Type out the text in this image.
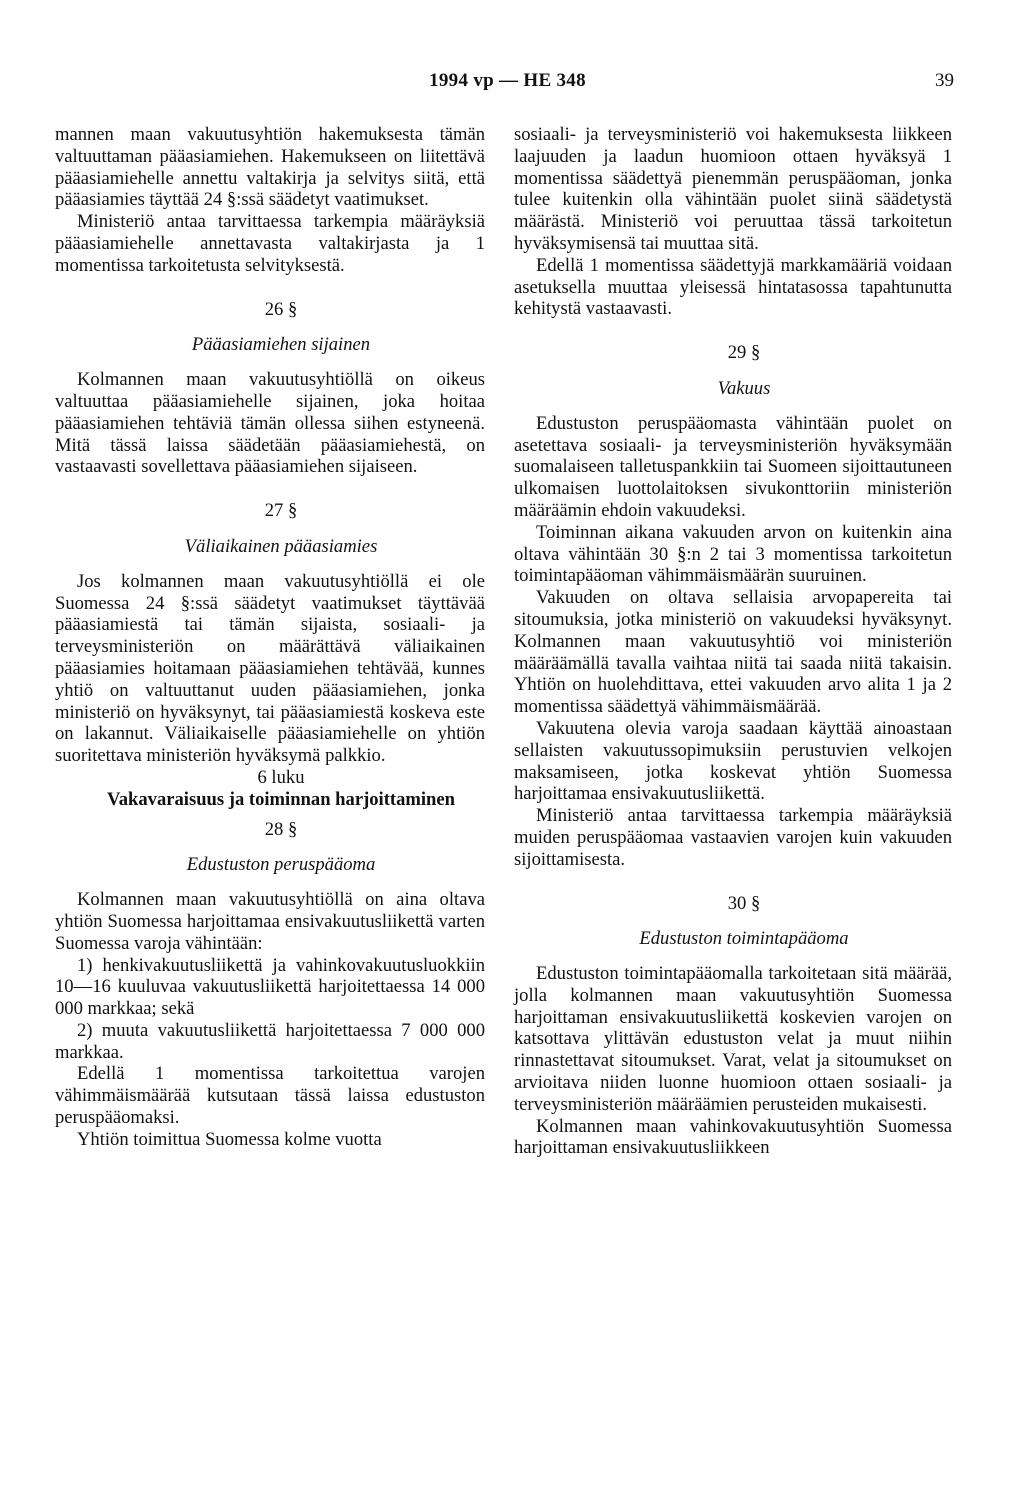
1994 vp — HE 348	39

mannen maan vakuutusyhtiön hakemuksesta tämän valtuuttaman pääasiamiehen. Hakemukseen on liitettävä pääasiamiehelle annettu valtakirja ja selvitys siitä, että pääasiamies täyttää 24 §:ssä säädetyt vaatimukset.

Ministeriö antaa tarvittaessa tarkempia määräyksiä pääasiamiehelle annettavasta valtakirjasta ja 1 momentissa tarkoitetusta selvityksestä.

26 §

Pääasiamiehen sijainen

Kolmannen maan vakuutusyhtiöllä on oikeus valtuuttaa pääasiamiehelle sijainen, joka hoitaa pääasiamiehen tehtäviä tämän ollessa siihen estyneenä. Mitä tässä laissa säädetään pääasiamiehestä, on vastaavasti sovellettava pääasiamiehen sijaiseen.

27 §

Väliaikainen pääasiamies

Jos kolmannen maan vakuutusyhtiöllä ei ole Suomessa 24 §:ssä säädetyt vaatimukset täyttävää pääasiamiestä tai tämän sijaista, sosiaali- ja terveysministeriön on määrättävä väliaikainen pääasiamies hoitamaan pääasiamiehen tehtävää, kunnes yhtiö on valtuuttanut uuden pääasiamiehen, jonka ministeriö on hyväksynyt, tai pääasiamiestä koskeva este on lakannut. Väliaikaiselle pääasiamiehelle on yhtiön suoritettava ministeriön hyväksymä palkkio.

6 luku

Vakavaraisuus ja toiminnan harjoittaminen

28 §

Edustuston peruspääoma

Kolmannen maan vakuutusyhtiöllä on aina oltava yhtiön Suomessa harjoittamaa ensivakuutusliikettä varten Suomessa varoja vähintään:

1) henkivakuutusliikettä ja vahinkovakuutusluokkiin 10—16 kuuluvaa vakuutusliikettä harjoitettaessa 14 000 000 markkaa; sekä

2) muuta vakuutusliikettä harjoitettaessa 7 000 000 markkaa.

Edellä 1 momentissa tarkoitettua varojen vähimmäismäärää kutsutaan tässä laissa edustuston peruspääomaksi.

Yhtiön toimittua Suomessa kolme vuotta

sosiaali- ja terveysministeriö voi hakemuksesta liikkeen laajuuden ja laadun huomioon ottaen hyväksyä 1 momentissa säädettyä pienemmän peruspääoman, jonka tulee kuitenkin olla vähintään puolet siinä säädetystä määrästä. Ministeriö voi peruuttaa tässä tarkoitetun hyväksymisensä tai muuttaa sitä.

Edellä 1 momentissa säädettyjä markkamääriä voidaan asetuksella muuttaa yleisessä hintatasossa tapahtunutta kehitystä vastaavasti.

29 §

Vakuus

Edustuston peruspääomasta vähintään puolet on asetettava sosiaali- ja terveysministeriön hyväksymään suomalaiseen talletuspankkiin tai Suomeen sijoittautuneen ulkomaisen luottolaitoksen sivukonttoriin ministeriön määräämin ehdoin vakuudeksi.

Toiminnan aikana vakuuden arvon on kuitenkin aina oltava vähintään 30 §:n 2 tai 3 momentissa tarkoitetun toimintapääoman vähimmäismäärän suuruinen.

Vakuuden on oltava sellaisia arvopapereita tai sitoumuksia, jotka ministeriö on vakuudeksi hyväksynyt. Kolmannen maan vakuutusyhtiö voi ministeriön määräämällä tavalla vaihtaa niitä tai saada niitä takaisin. Yhtiön on huolehdittava, ettei vakuuden arvo alita 1 ja 2 momentissa säädettyä vähimmäismäärää.

Vakuutena olevia varoja saadaan käyttää ainoastaan sellaisten vakuutussopimuksiin perustuvien velkojen maksamiseen, jotka koskevat yhtiön Suomessa harjoittamaa ensivakuutusliikettä.

Ministeriö antaa tarvittaessa tarkempia määräyksiä muiden peruspääomaa vastaavien varojen kuin vakuuden sijoittamisesta.

30 §

Edustuston toimintapääoma

Edustuston toimintapääomalla tarkoitetaan sitä määrää, jolla kolmannen maan vakuutusyhtiön Suomessa harjoittaman ensivakuutusliikettä koskevien varojen on katsottava ylittävän edustuston velat ja muut niihin rinnastettavat sitoumukset. Varat, velat ja sitoumukset on arvioitava niiden luonne huomioon ottaen sosiaali- ja terveysministeriön määräämien perusteiden mukaisesti.

Kolmannen maan vahinkovakuutusyhtiön Suomessa harjoittaman ensivakuutusliikkeen
